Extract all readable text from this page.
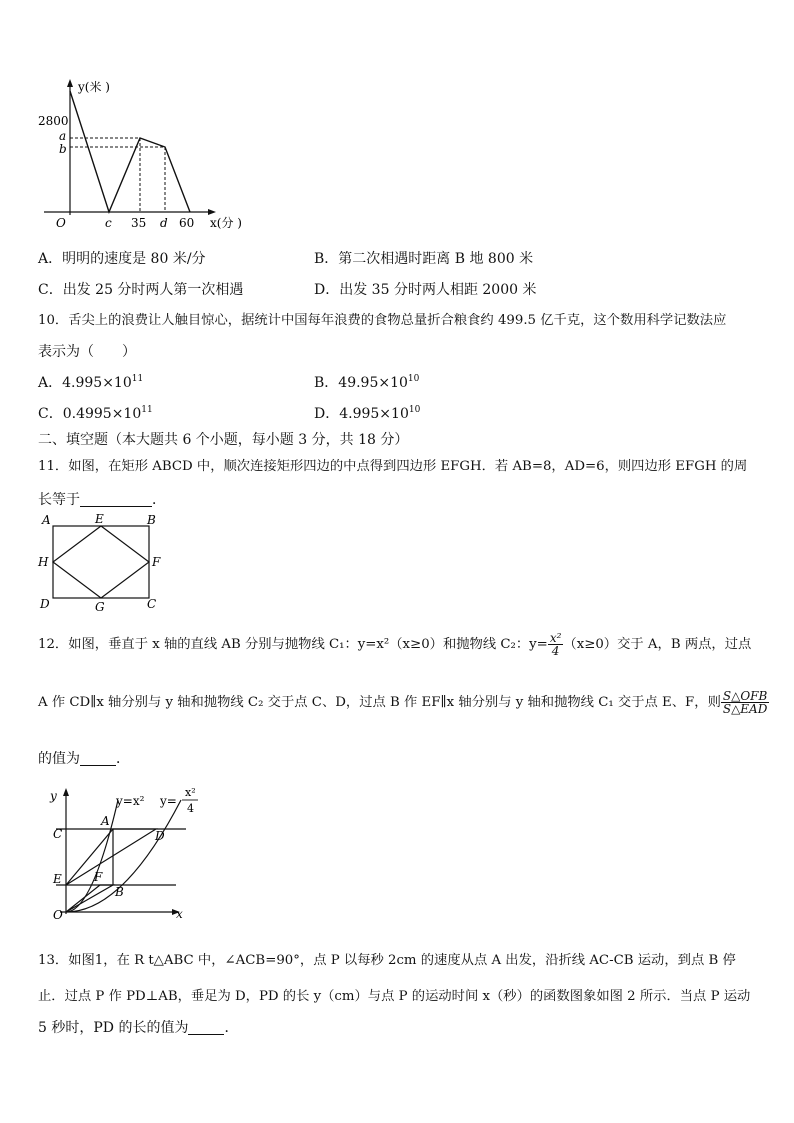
y(米 )
2800
a
b
O	c 35 d 60 x(分 )
A．明明的速度是 80 米/分	B．第二次相遇时距离 B 地 800 米
C．出发 25 分时两人第一次相遇	D．出发 35 分时两人相距 2000 米
10．舌尖上的浪费让人触目惊心，据统计中国每年浪费的食物总量折合粮食约 499.5 亿千克，这个数用科学记数法应
表示为（　　）
A．$4.995\times 10^{11}$	B．$49.95\times 10^{10}$
C．$0.4995\times 10^{11}$	D．$4.995\times 10^{10}$
二、填空题（本大题共 6 个小题，每小题 3 分，共 18 分）
11．如图，在矩形 ABCD 中，顺次连接矩形四边的中点得到四边形 EFGH．若 AB=8，AD=6，则四边形 EFGH 的周
长等于	．
A	E	B
H	F
D	G	C
12．如图，垂直于 x 轴的直线 AB 分别与抛物线 C₁：y=x²（x≥0）和抛物线 C₂：$y= \frac{\text{x²}}{4} (x\ge 0)$交于 A，B 两点，过点
A 作 CD∥x 轴分别与 y 轴和抛物线 C₂ 交于点 C、D，过点 B 作 EF∥x 轴分别与 y 轴和抛物线 C₁ 交于点 E、F，则 $\frac{\text{S△OFB}}{\text{S△EAD}}$
的值为	．
y	y=x² y=
x²
4
A
C	D
E	F
B
O	x
13．如图1，在 R t△ABC 中，∠ACB=90°，点 P 以每秒 2cm 的速度从点 A 出发，沿折线 AC-CB 运动，到点 B 停
止．过点 P 作 PD⊥AB，垂足为 D，PD 的长 y（cm）与点 P 的运动时间 x（秒）的函数图象如图 2 所示．当点 P 运动
5 秒时，PD 的长的值为	．
